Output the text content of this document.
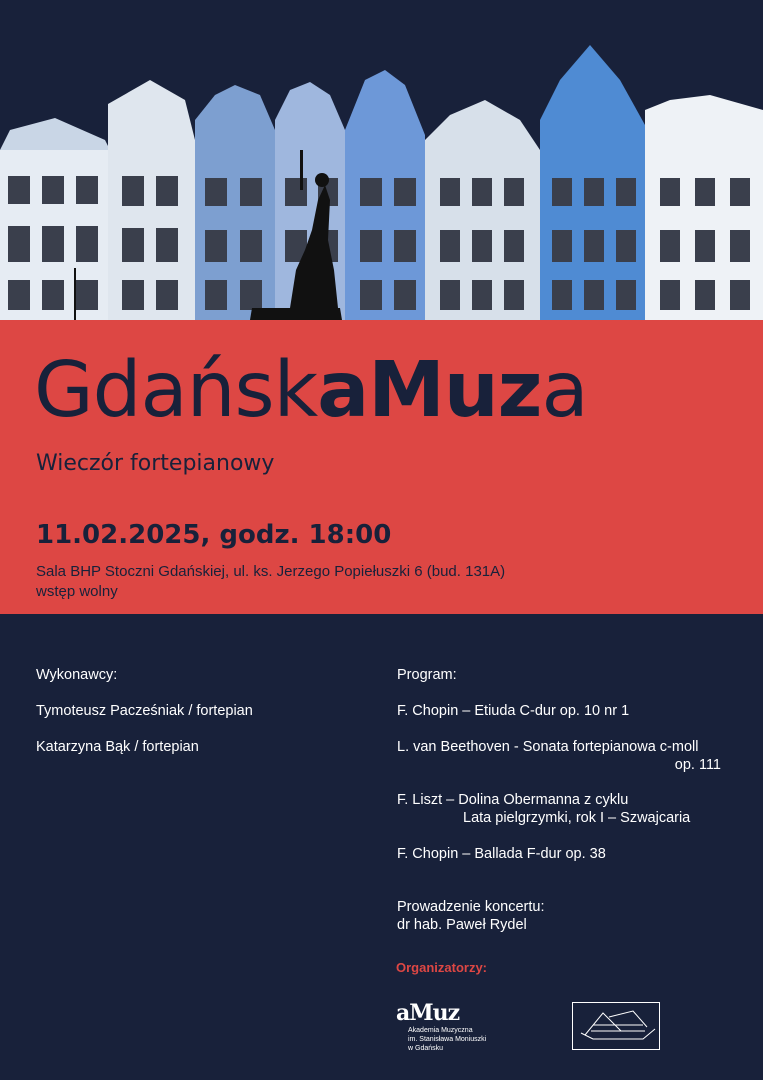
GdańskaMuza
Wieczór fortepianowy
11.02.2025, godz. 18:00
Sala BHP Stoczni Gdańskiej, ul. ks. Jerzego Popiełuszki 6 (bud. 131A)
wstęp wolny
Wykonawcy:
Tymoteusz Pacześniak / fortepian
Katarzyna Bąk / fortepian
Program:
F. Chopin – Etiuda C-dur op. 10 nr 1
L. van Beethoven - Sonata fortepianowa c-moll
op. 111
F. Liszt – Dolina Obermanna z cyklu
Lata pielgrzymki, rok I – Szwajcaria
F. Chopin – Ballada F-dur op. 38
Prowadzenie koncertu:
dr hab. Paweł Rydel
Organizatorzy:
aMuz
Akademia Muzyczna
im. Stanisława Moniuszki
w Gdańsku
